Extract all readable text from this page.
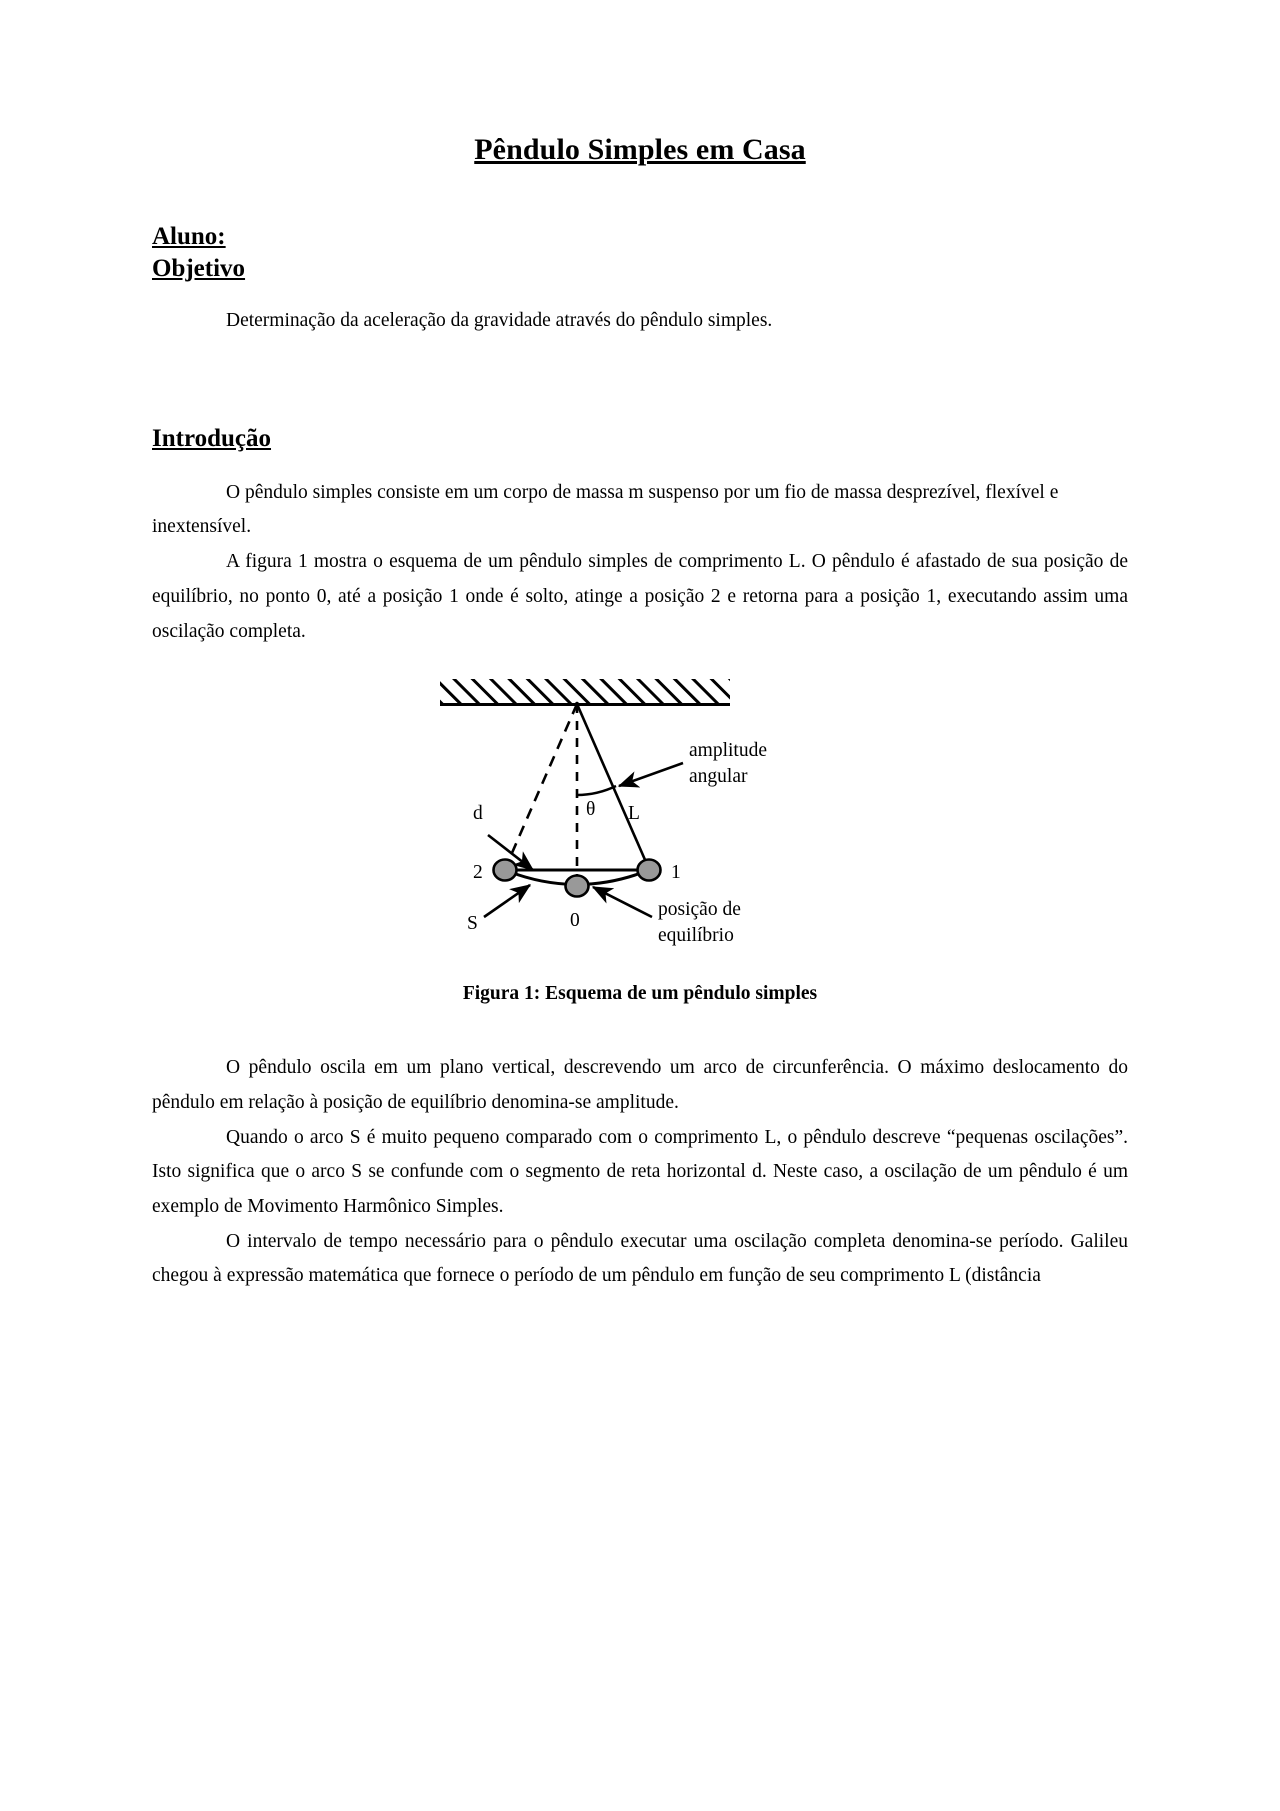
Pêndulo Simples em Casa
Aluno:
Objetivo

Determinação da aceleração da gravidade através do pêndulo simples.

Introdução

O pêndulo simples consiste em um corpo de massa m suspenso por um fio de massa desprezível, flexível e inextensível.

A figura 1 mostra o esquema de um pêndulo simples de comprimento L. O pêndulo é afastado de sua posição de equilíbrio, no ponto 0, até a posição 1 onde é solto, atinge a posição 2 e retorna para a posição 1, executando assim uma oscilação completa.

amplitude
angular
θ L
d
S
posição de
equilíbrio
2	1
0
Figura 1: Esquema de um pêndulo simples

O pêndulo oscila em um plano vertical, descrevendo um arco de circunferência. O máximo deslocamento do pêndulo em relação à posição de equilíbrio denomina-se amplitude.

Quando o arco S é muito pequeno comparado com o comprimento L, o pêndulo descreve “pequenas oscilações”. Isto significa que o arco S se confunde com o segmento de reta horizontal d. Neste caso, a oscilação de um pêndulo é um exemplo de Movimento Harmônico Simples.

O intervalo de tempo necessário para o pêndulo executar uma oscilação completa denomina-se período. Galileu chegou à expressão matemática que fornece o período de um pêndulo em função de seu comprimento L (distância
